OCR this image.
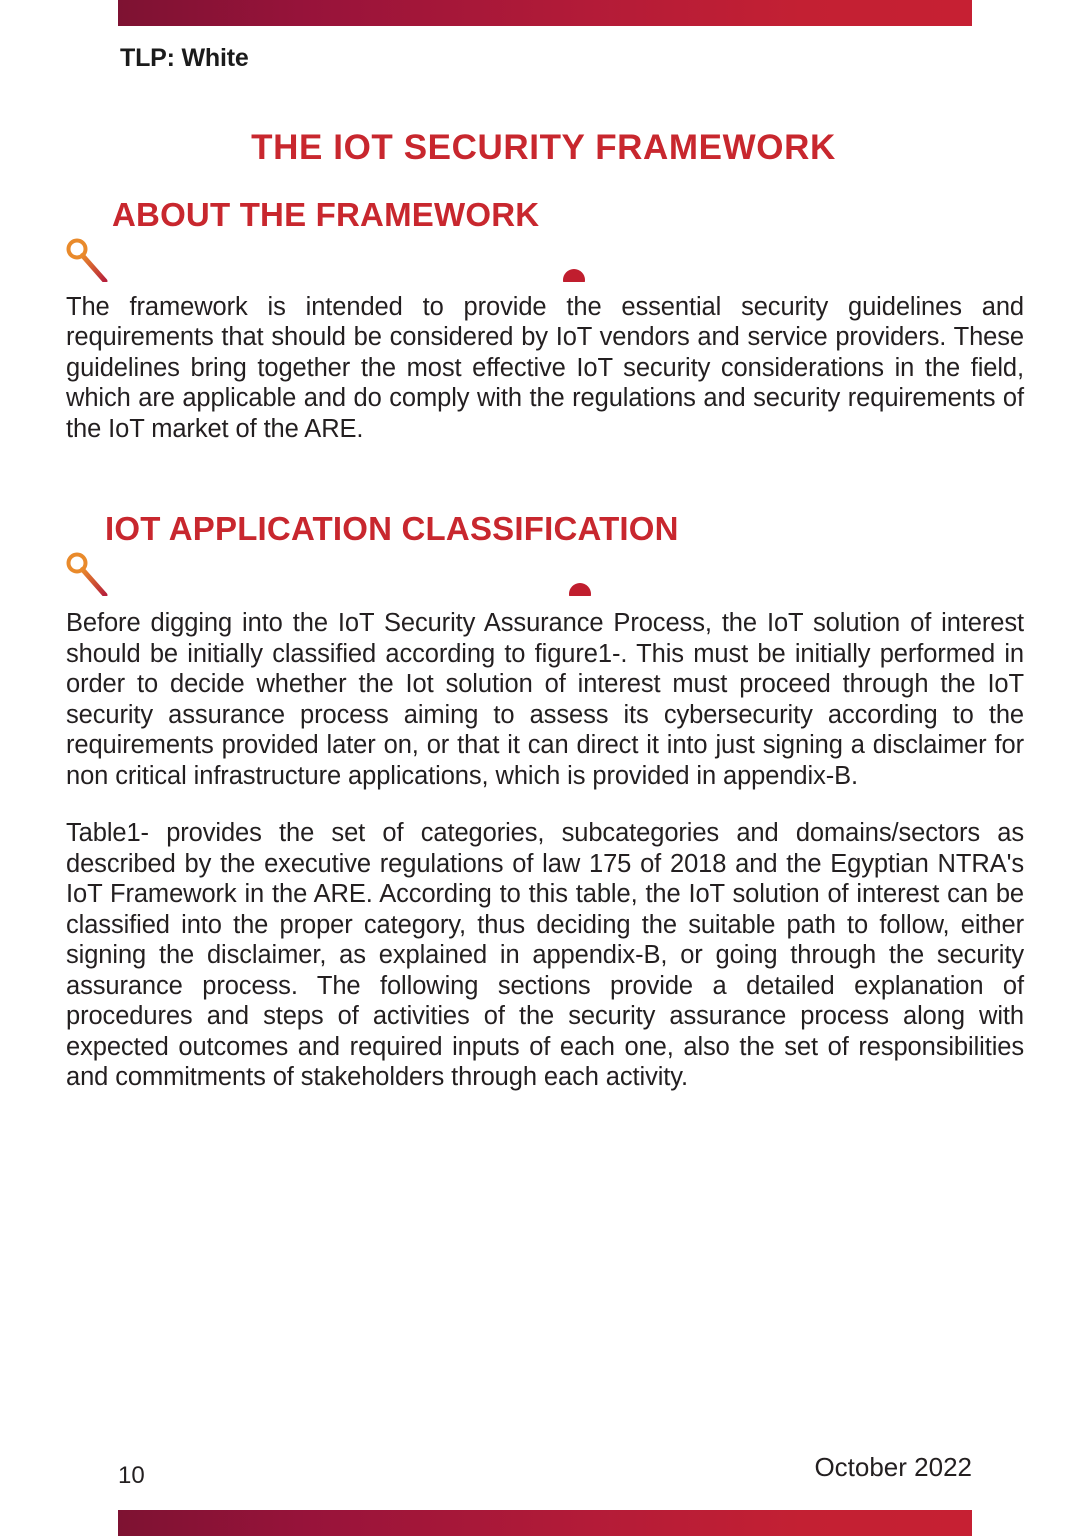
TLP: White
THE IOT SECURITY FRAMEWORK
ABOUT THE FRAMEWORK

The framework is intended to provide the essential security guidelines and requirements that should be considered by IoT vendors and service providers. These guidelines bring together the most effective IoT security considerations in the field, which are applicable and do comply with the regulations and security requirements of the IoT market of the ARE.

IOT APPLICATION CLASSIFICATION

Before digging into the IoT Security Assurance Process, the IoT solution of interest should be initially classified according to figure1-. This must be initially performed in order to decide whether the Iot solution of interest must proceed through the IoT security assurance process aiming to assess its cybersecurity according to the requirements provided later on, or that it can direct it into just signing a disclaimer for non critical infrastructure applications, which is provided in appendix-B.

Table1- provides the set of categories, subcategories and domains/sectors as described by the executive regulations of law 175 of 2018 and the Egyptian NTRA's IoT Framework in the ARE. According to this table, the IoT solution of interest can be classified into the proper category, thus deciding the suitable path to follow, either signing the disclaimer, as explained in appendix-B, or going through the security assurance process. The following sections provide a detailed explanation of procedures and steps of activities of the security assurance process along with expected outcomes and required inputs of each one, also the set of responsibilities and commitments of stakeholders through each activity.

10	October 2022
